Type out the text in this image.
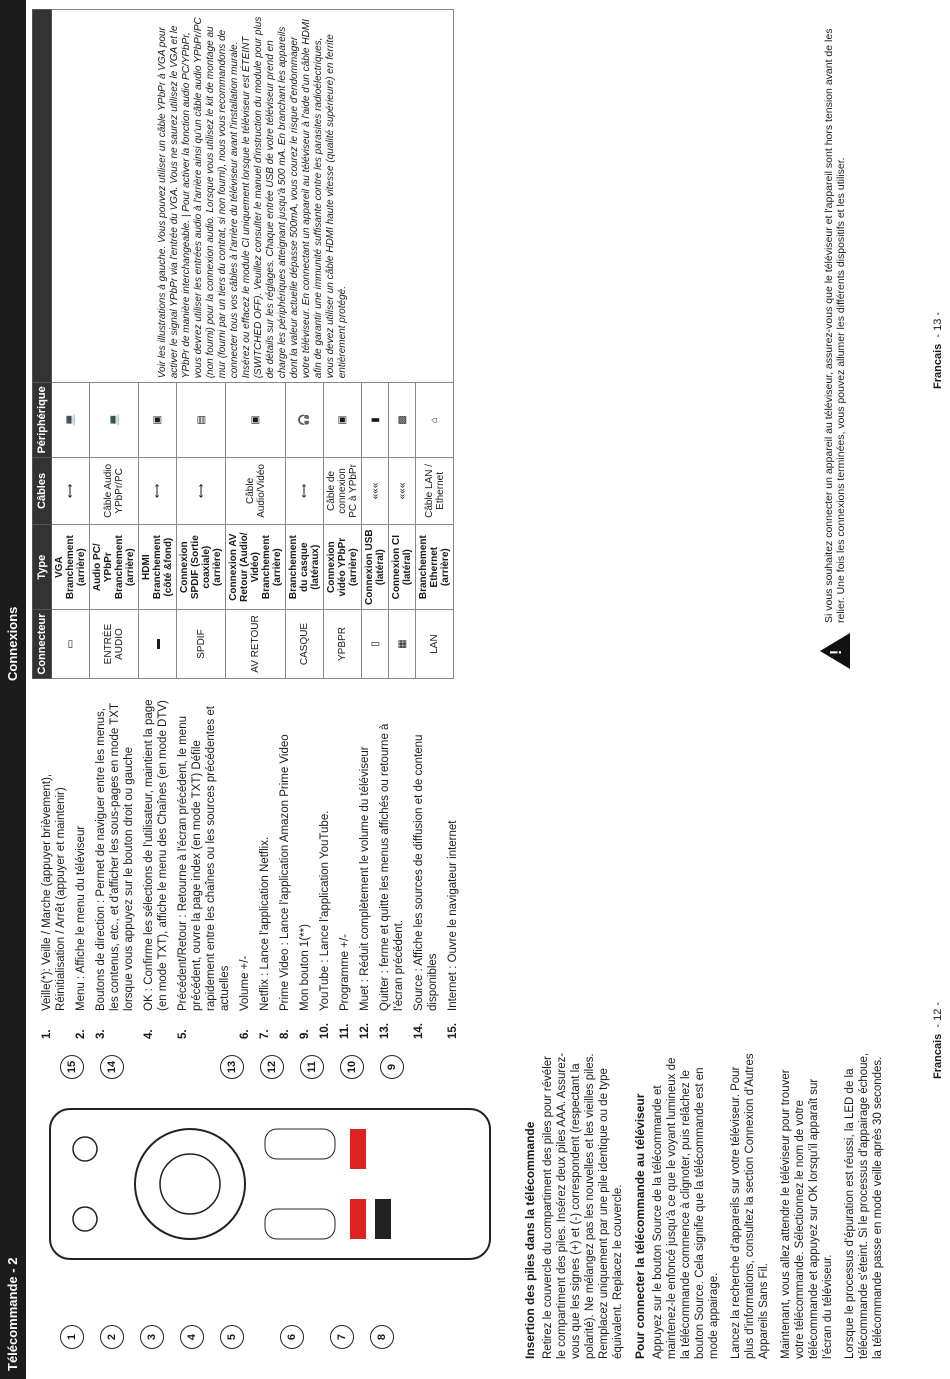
Télécommande - 2	1	2	3	4	5	6	7	8
9
10
11
12
13
14
15
1.
Veille(*): Veille / Marche (appuyer brièvement), Réinitialisation / Arrêt (appuyer et maintenir)
2.
Menu : Affiche le menu du téléviseur
3.
Boutons de direction : Permet de naviguer entre les menus, les contenus, etc., et d'afficher les sous-pages en mode TXT lorsque vous appuyez sur le bouton droit ou gauche
4.
OK : Confirme les sélections de l'utilisateur, maintient la page (en mode TXT), affiche le menu des Chaînes (en mode DTV)
5.
Précédent/Retour : Retourne à l'écran précédent, le menu précédent, ouvre la page index (en mode TXT) Défile rapidement entre les chaînes ou les sources précédentes et actuelles
6.
Volume +/-
7.
Netflix : Lance l'application Netflix.
8.
Prime Video : Lance l'application Amazon Prime Video
9.
Mon bouton 1(**)
10.
YouTube : Lance l'application YouTube.
11.
Programme +/-
12.
Muet : Réduit complètement le volume du téléviseur
13.
Quitter : ferme et quitte les menus affichés ou retourne à l'écran précédent.
14.
Source : Affiche les sources de diffusion et de contenu disponibles
15.
Internet : Ouvre le navigateur internet
Insertion des piles dans la télécommande Retirez le couvercle du compartiment des piles pour révéler le compartiment des piles. Insérez deux piles AAA. Assurez-vous que les signes (+) et (-) correspondent (respectant la polarité). Ne mélangez pas les nouvelles et les vieilles piles. Remplacez uniquement par une pile identique ou de type équivalent. Replacez le couvercle. Pour connecter la télécommande au téléviseur Appuyez sur le bouton Source de la télécommande et maintenez-le enfoncé jusqu'à ce que le voyant lumineux de la télécommande commence à clignoter, puis relâchez le bouton Source. Cela signifie que la télécommande est en mode appairage. Lancez la recherche d'appareils sur votre téléviseur. Pour plus d'informations, consultez la section Connexion d'Autres Appareils Sans Fil. Maintenant, vous allez attendre le téléviseur pour trouver votre télécommande. Sélectionnez le nom de votre télécommande et appuyez sur OK lorsqu'il apparaît sur l'écran du téléviseur. Lorsque le processus d'épuration est réussi, la LED de la télécommande s'éteint. Si le processus d'appairage échoue, la télécommande passe en mode veille après 30 secondes.

Francais  - 12 -
Connexions	Connecteur	Type	Câbles	Périphérique	
▭	VGA Branchement (arrière)	⟷	💻	Voir les illustrations à gauche. Vous pouvez utiliser un câble YPbPr à VGA pour activer le signal YPbPr via l'entrée du VGA. Vous ne saurez utilisez le VGA et le YPbPr de manière interchangeable. | Pour activer la fonction audio PC/YPbPr, vous devrez utiliser les entrées audio à l'arrière ainsi qu'un câble audio YPbPr/PC (non fourni) pour la connexion audio. Lorsque vous utilisez le kit de montage au mur (fourni par un tiers du contrat, si non fourni), nous vous recommandons de connecter tous vos câbles à l'arrière du téléviseur avant l'installation murale. Insérez ou effacez le module CI uniquement lorsque le téléviseur est ÉTEINT (SWITCHED OFF). Veuillez consulter le manuel d'instruction du module pour plus de détails sur les réglages. Chaque entrée USB de votre téléviseur prend en charge les périphériques atteignant jusqu'à 500 mA. En branchant les appareils dont la valeur actuelle dépasse 500mA, vous courez le risque d'endommager votre téléviseur. En connectant un appareil au téléviseur à l'aide d'un câble HDMI afin de garantir une immunité suffisante contre les parasites radioélectriques, vous devez utiliser un câble HDMI haute vitesse (qualité supérieure) en ferrite entièrement protégé.
ENTRÉE AUDIO	Audio PC/ YPbPr Branchement (arrière)	Câble Audio YPbPr/PC	💻	
▬	HDMI Branchement (côté &fond)	⟷	▣	
SPDIF	Connexion SPDIF (Sortie coaxiale) (arrière)	⟷	▤	
AV RETOUR	Connexion AV Retour (Audio/ Vidéo) Branchement (arrière)	Câble Audio/Vidéo	▣	
CASQUE	Branchement du casque (latéraux)	⟷	🎧	
YPBPR	Connexion vidéo YPbPr (arrière)	Câble de connexion PC à YPbPr	▣	
▯	Connexion USB (latéral)	«««	▮	
▦	Connexion CI (latéral)	«««	▩	
LAN	Branchement Ethernet (arrière)	Câble LAN / Ethernet	⌂	
!
Si vous souhaitez connecter un appareil au téléviseur, assurez-vous que le téléviseur et l'appareil sont hors tension avant de les relier. Une fois les connexions terminées, vous pouvez allumer les différents dispositifs et les utiliser.	Francais  - 13 -
